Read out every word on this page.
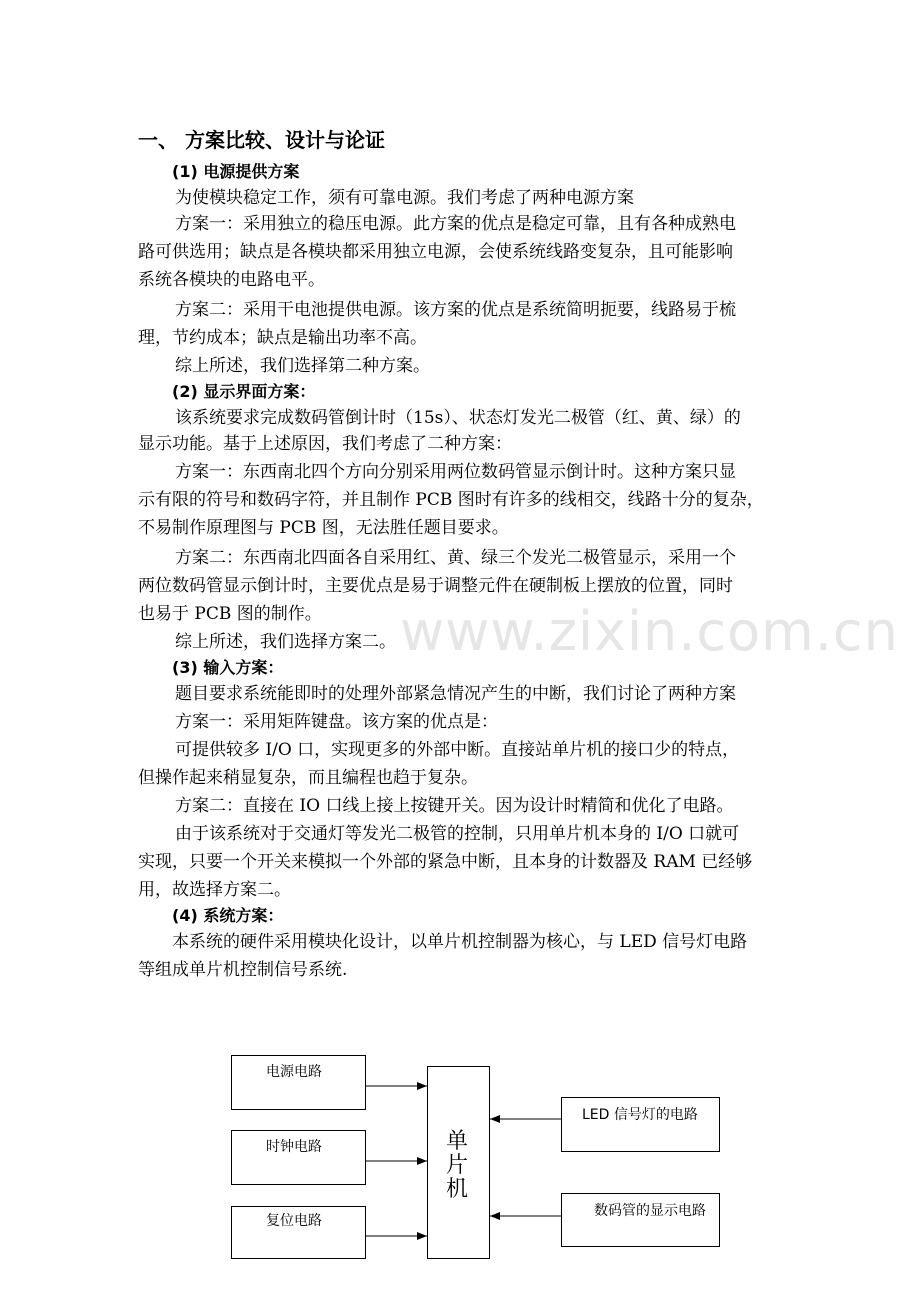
www.zixin.com.cn
一、 方案比较、设计与论证
(1) 电源提供方案
为使模块稳定工作，须有可靠电源。我们考虑了两种电源方案
方案一：采用独立的稳压电源。此方案的优点是稳定可靠，且有各种成熟电
路可供选用；缺点是各模块都采用独立电源，会使系统线路变复杂，且可能影响
系统各模块的电路电平。
方案二：采用干电池提供电源。该方案的优点是系统简明扼要，线路易于梳
理，节约成本；缺点是输出功率不高。
综上所述，我们选择第二种方案。
(2) 显示界面方案：
该系统要求完成数码管倒计时（15s）、状态灯发光二极管（红、黄、绿）的
显示功能。基于上述原因，我们考虑了二种方案：
方案一：东西南北四个方向分别采用两位数码管显示倒计时。这种方案只显
示有限的符号和数码字符，并且制作 PCB 图时有许多的线相交，线路十分的复杂，
不易制作原理图与 PCB 图，无法胜任题目要求。
方案二：东西南北四面各自采用红、黄、绿三个发光二极管显示，采用一个
两位数码管显示倒计时，主要优点是易于调整元件在硬制板上摆放的位置，同时
也易于 PCB 图的制作。
综上所述，我们选择方案二。
(3) 输入方案：
题目要求系统能即时的处理外部紧急情况产生的中断，我们讨论了两种方案
方案一：采用矩阵键盘。该方案的优点是：
可提供较多 I/O 口，实现更多的外部中断。直接站单片机的接口少的特点，
但操作起来稍显复杂，而且编程也趋于复杂。
方案二：直接在 IO 口线上接上按键开关。因为设计时精简和优化了电路。
由于该系统对于交通灯等发光二极管的控制，只用单片机本身的 I/O 口就可
实现，只要一个开关来模拟一个外部的紧急中断，且本身的计数器及 RAM 已经够
用，故选择方案二。
(4) 系统方案：
本系统的硬件采用模块化设计，以单片机控制器为核心，与 LED 信号灯电路
等组成单片机控制信号系统.
电源电路
时钟电路
复位电路
LED 信号灯的电路
数码管的显示电路
单
片
机
